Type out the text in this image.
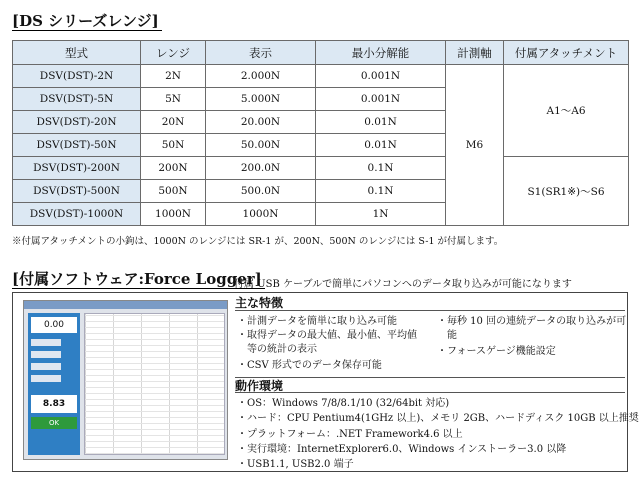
[DS シリーズレンジ]
型式	レンジ	表示	最小分解能	計測軸	付属アタッチメント
DSV(DST)-2N	2N	2.000N	0.001N	M6	A1～A6
DSV(DST)-5N	5N	5.000N	0.001N		
DSV(DST)-20N	20N	20.00N	0.01N		
DSV(DST)-50N	50N	50.00N	0.01N		
DSV(DST)-200N	200N	200.0N	0.1N		S1(SR1※)～S6
DSV(DST)-500N	500N	500.0N	0.1N		
DSV(DST)-1000N	1000N	1000N	1N		
※付属アタッチメントの小鉤は、1000N のレンジには SR-1 が、200N、500N のレンジには S-1 が付属します。
[付属ソフトウェア:Force Logger]
付属 USB ケーブルで簡単にパソコンへのデータ取り込みが可能になります
0.00
8.83
OK
主な特徴
・計測データを簡単に取り込み可能
・取得データの最大値、最小値、平均値
　等の統計の表示
・CSV 形式でのデータ保存可能
・毎秒 10 回の連続データの取り込みが可
　能
・フォースゲージ機能設定
動作環境
・OS：Windows 7/8/8.1/10 (32/64bit 対応)
・ハード：CPU Pentium4(1GHz 以上)、メモリ 2GB、ハードディスク 10GB 以上推奨
・プラットフォーム：.NET Framework4.6 以上
・実行環境：InternetExplorer6.0、Windows インストーラー3.0 以降
・USB1.1, USB2.0 端子
